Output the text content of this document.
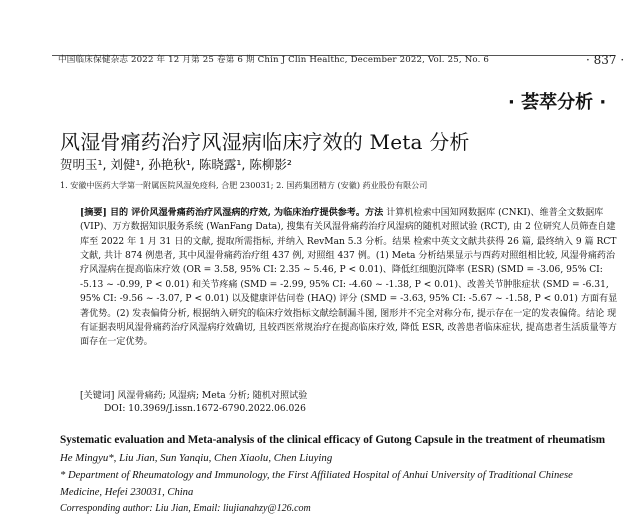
中国临床保健杂志 2022 年 12 月第 25 卷第 6 期 Chin J Clin Healthc, December 2022, Vol. 25, No. 6	· 837 ·
· 荟萃分析 ·
风湿骨痛药治疗风湿病临床疗效的 Meta 分析
贺明玉¹, 刘健¹, 孙艳秋¹, 陈晓露¹, 陈柳影²
1. 安徽中医药大学第一附属医院风湿免疫科, 合肥 230031; 2. 国药集团精方 (安徽) 药业股份有限公司
[摘要] 目的 评价风湿骨痛药治疗风湿病的疗效, 为临床治疗提供参考。方法 计算机检索中国知网数据库 (CNKI)、维普全文数据库 (VIP)、万方数据知识服务系统 (WanFang Data), 搜集有关风湿骨痛药治疗风湿病的随机对照试验 (RCT), 由 2 位研究人员筛查自建库至 2022 年 1 月 31 日的文献, 提取所需指标, 并纳入 RevMan 5.3 分析。结果 检索中英文文献共获得 26 篇, 最终纳入 9 篇 RCT 文献, 共计 874 例患者, 其中风湿骨痛药治疗组 437 例, 对照组 437 例。(1) Meta 分析结果显示与西药对照组相比较, 风湿骨痛药治疗风湿病在提高临床疗效 (OR = 3.58, 95% CI: 2.35 ~ 5.46, P < 0.01)、降低红细胞沉降率 (ESR) (SMD = -3.06, 95% CI: -5.13 ~ -0.99, P < 0.01) 和关节疼痛 (SMD = -2.99, 95% CI: -4.60 ~ -1.38, P < 0.01)、改善关节肿胀症状 (SMD = -6.31, 95% CI: -9.56 ~ -3.07, P < 0.01) 以及健康评估问卷 (HAQ) 评分 (SMD = -3.63, 95% CI: -5.67 ~ -1.58, P < 0.01) 方面有显著优势。(2) 发表偏倚分析, 根据纳入研究的临床疗效指标文献绘制漏斗图, 图形并不完全对称分布, 提示存在一定的发表偏倚。结论 现有证据表明风湿骨痛药治疗风湿病疗效确切, 且较西医常规治疗在提高临床疗效, 降低 ESR, 改善患者临床症状, 提高患者生活质量等方面存在一定优势。
[关键词] 风湿骨痛药; 风湿病; Meta 分析; 随机对照试验
DOI: 10.3969/J.issn.1672-6790.2022.06.026
Systematic evaluation and Meta-analysis of the clinical efficacy of Gutong Capsule in the treatment of rheumatism
He Mingyu*, Liu Jian, Sun Yanqiu, Chen Xiaolu, Chen Liuying
* Department of Rheumatology and Immunology, the First Affiliated Hospital of Anhui University of Traditional Chinese
Medicine, Hefei 230031, China
Corresponding author: Liu Jian, Email: liujianahzy@126.com
